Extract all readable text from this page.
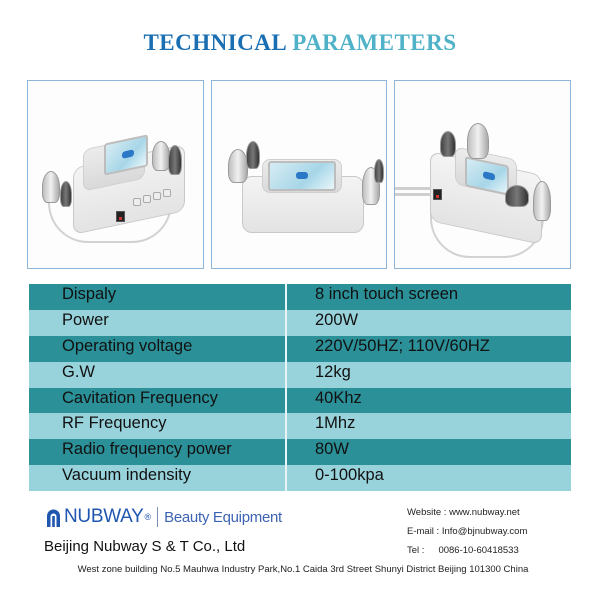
TECHNICAL PARAMETERS
Dispaly	8 inch touch screen
Power	200W
Operating voltage	220V/50HZ; 110V/60HZ
G.W	12kg
Cavitation Frequency	40Khz
RF Frequency	1Mhz
Radio frequency power	80W
Vacuum indensity	0-100kpa
NUBWAY ® Beauty Equipment
Beijing Nubway S & T Co., Ltd
Website : www.nubway.net
E-mail : Info@bjnubway.com
Tel : 0086-10-60418533
West zone building No.5 Mauhwa Industry Park,No.1 Caida 3rd Street Shunyi District Beijing 101300 China
